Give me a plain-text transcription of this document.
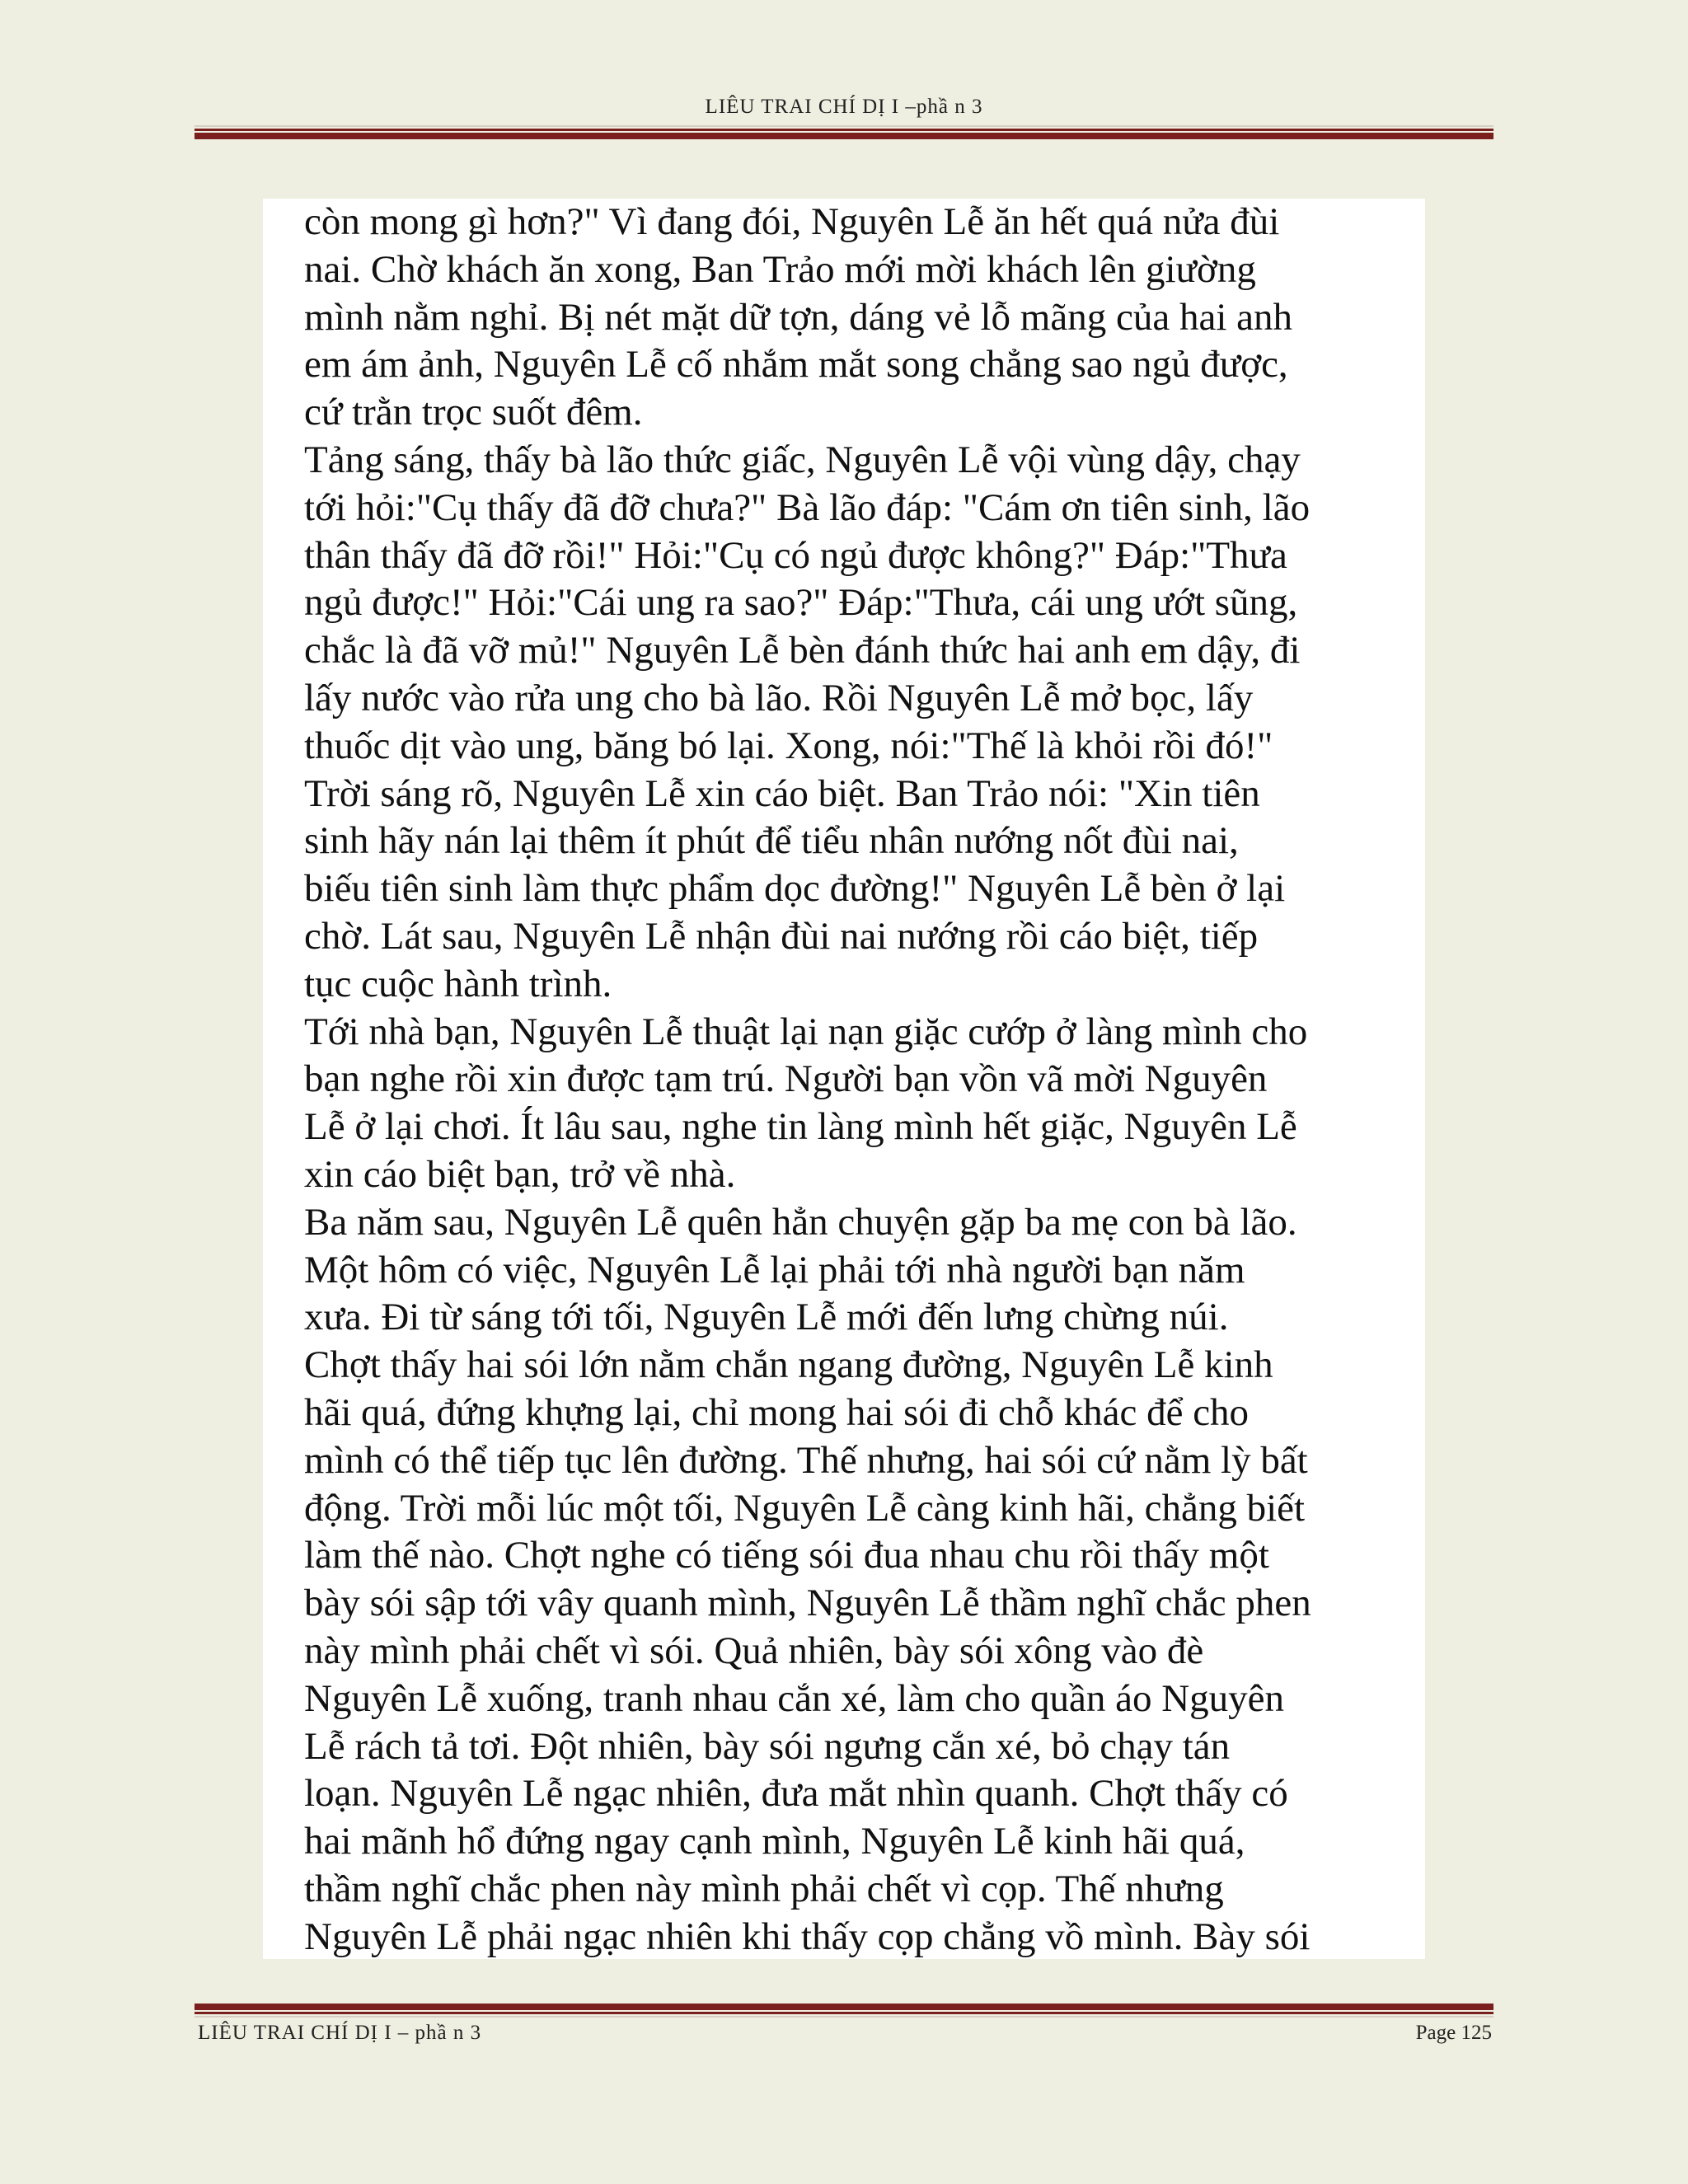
LIÊU TRAI CHÍ DỊ I –phầ n 3
còn mong gì hơn?" Vì đang đói, Nguyên Lễ ăn hết quá nửa đùi
nai. Chờ khách ăn xong, Ban Trảo mới mời khách lên giường
mình nằm nghỉ. Bị nét mặt dữ tợn, dáng vẻ lỗ mãng của hai anh
em ám ảnh, Nguyên Lễ cố nhắm mắt song chẳng sao ngủ được,
cứ trằn trọc suốt đêm.
Tảng sáng, thấy bà lão thức giấc, Nguyên Lễ vội vùng dậy, chạy
tới hỏi:"Cụ thấy đã đỡ chưa?" Bà lão đáp: "Cám ơn tiên sinh, lão
thân thấy đã đỡ rồi!" Hỏi:"Cụ có ngủ được không?" Đáp:"Thưa
ngủ được!" Hỏi:"Cái ung ra sao?" Đáp:"Thưa, cái ung ướt sũng,
chắc là đã vỡ mủ!" Nguyên Lễ bèn đánh thức hai anh em dậy, đi
lấy nước vào rửa ung cho bà lão. Rồi Nguyên Lễ mở bọc, lấy
thuốc dịt vào ung, băng bó lại. Xong, nói:"Thế là khỏi rồi đó!"
Trời sáng rõ, Nguyên Lễ xin cáo biệt. Ban Trảo nói: "Xin tiên
sinh hãy nán lại thêm ít phút để tiểu nhân nướng nốt đùi nai,
biếu tiên sinh làm thực phẩm dọc đường!" Nguyên Lễ bèn ở lại
chờ. Lát sau, Nguyên Lễ nhận đùi nai nướng rồi cáo biệt, tiếp
tục cuộc hành trình.
Tới nhà bạn, Nguyên Lễ thuật lại nạn giặc cướp ở làng mình cho
bạn nghe rồi xin được tạm trú. Người bạn vồn vã mời Nguyên
Lễ ở lại chơi. Ít lâu sau, nghe tin làng mình hết giặc, Nguyên Lễ
xin cáo biệt bạn, trở về nhà.
Ba năm sau, Nguyên Lễ quên hẳn chuyện gặp ba mẹ con bà lão.
Một hôm có việc, Nguyên Lễ lại phải tới nhà người bạn năm
xưa. Đi từ sáng tới tối, Nguyên Lễ mới đến lưng chừng núi.
Chợt thấy hai sói lớn nằm chắn ngang đường, Nguyên Lễ kinh
hãi quá, đứng khựng lại, chỉ mong hai sói đi chỗ khác để cho
mình có thể tiếp tục lên đường. Thế nhưng, hai sói cứ nằm lỳ bất
động. Trời mỗi lúc một tối, Nguyên Lễ càng kinh hãi, chẳng biết
làm thế nào. Chợt nghe có tiếng sói đua nhau chu rồi thấy một
bày sói sập tới vây quanh mình, Nguyên Lễ thầm nghĩ chắc phen
này mình phải chết vì sói. Quả nhiên, bày sói xông vào đè
Nguyên Lễ xuống, tranh nhau cắn xé, làm cho quần áo Nguyên
Lễ rách tả tơi. Đột nhiên, bày sói ngưng cắn xé, bỏ chạy tán
loạn. Nguyên Lễ ngạc nhiên, đưa mắt nhìn quanh. Chợt thấy có
hai mãnh hổ đứng ngay cạnh mình, Nguyên Lễ kinh hãi quá,
thầm nghĩ chắc phen này mình phải chết vì cọp. Thế nhưng
Nguyên Lễ phải ngạc nhiên khi thấy cọp chẳng vồ mình. Bày sói
LIÊU TRAI CHÍ DỊ I – phầ n 3	Page 125
